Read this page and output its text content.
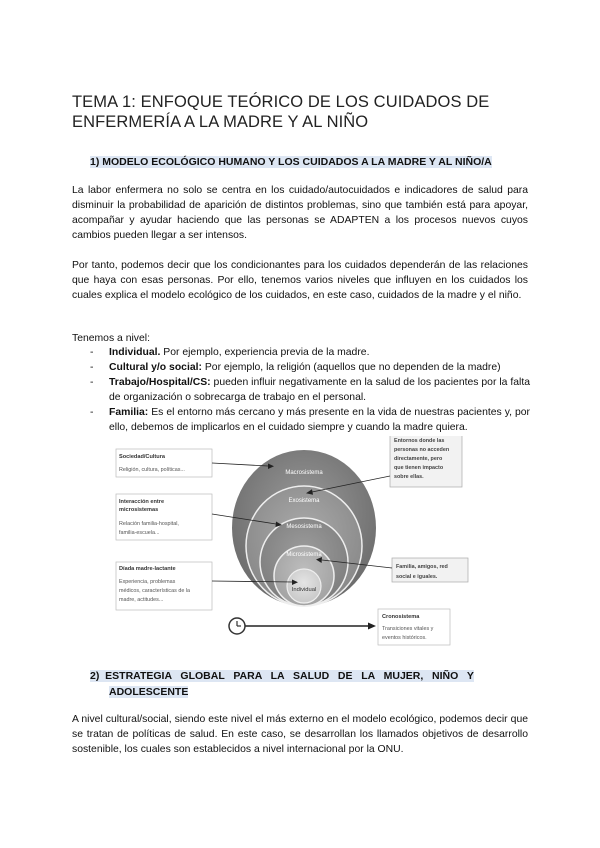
TEMA 1: ENFOQUE TEÓRICO DE LOS CUIDADOS DE ENFERMERÍA A LA MADRE Y AL NIÑO
1) MODELO ECOLÓGICO HUMANO Y LOS CUIDADOS A LA MADRE Y AL NIÑO/A

La labor enfermera no solo se centra en los cuidado/autocuidados e indicadores de salud para disminuir la probabilidad de aparición de distintos problemas, sino que también está para apoyar, acompañar y ayudar haciendo que las personas se ADAPTEN a los procesos nuevos cuyos cambios pueden llegar a ser intensos.

Por tanto, podemos decir que los condicionantes para los cuidados dependerán de las relaciones que haya con esas personas. Por ello, tenemos varios niveles que influyen en los cuidados los cuales explica el modelo ecológico de los cuidados, en este caso, cuidados de la madre y el niño.

Tenemos a nivel:

- Individual. Por ejemplo, experiencia previa de la madre.
- Cultural y/o social: Por ejemplo, la religión (aquellos que no dependen de la madre)
- Trabajo/Hospital/CS: pueden influir negativamente en la salud de los pacientes por la falta de organización o sobrecarga de trabajo en el personal.
- Familia: Es el entorno más cercano y más presente en la vida de nuestras pacientes y, por ello, debemos de implicarlos en el cuidado siempre y cuando la madre quiera.
Macrosistema
Exosistema
Mesosistema
Microsistema
Individual
Sociedad/Cultura
Religión, cultura, políticas...
Interacción entre
microsistemas
Relación familia-hospital,
familia-escuela...
Díada madre-lactante
Experiencia, problemas
médicos, características de la
madre, actitudes...
Entornos donde las
personas no acceden
directamente, pero
que tienen impacto
sobre ellas.
Familia, amigos, red
social e iguales.
Cronosistema
Transiciones vitales y
eventos históricos.
2)  ESTRATEGIA   GLOBAL   PARA   LA   SALUD   DE   LA   MUJER,   NIÑO   Y
ADOLESCENTE

A nivel cultural/social, siendo este nivel el más externo en el modelo ecológico, podemos decir que se tratan de políticas de salud. En este caso, se desarrollan los llamados objetivos de desarrollo sostenible, los cuales son establecidos a nivel internacional por la ONU.
